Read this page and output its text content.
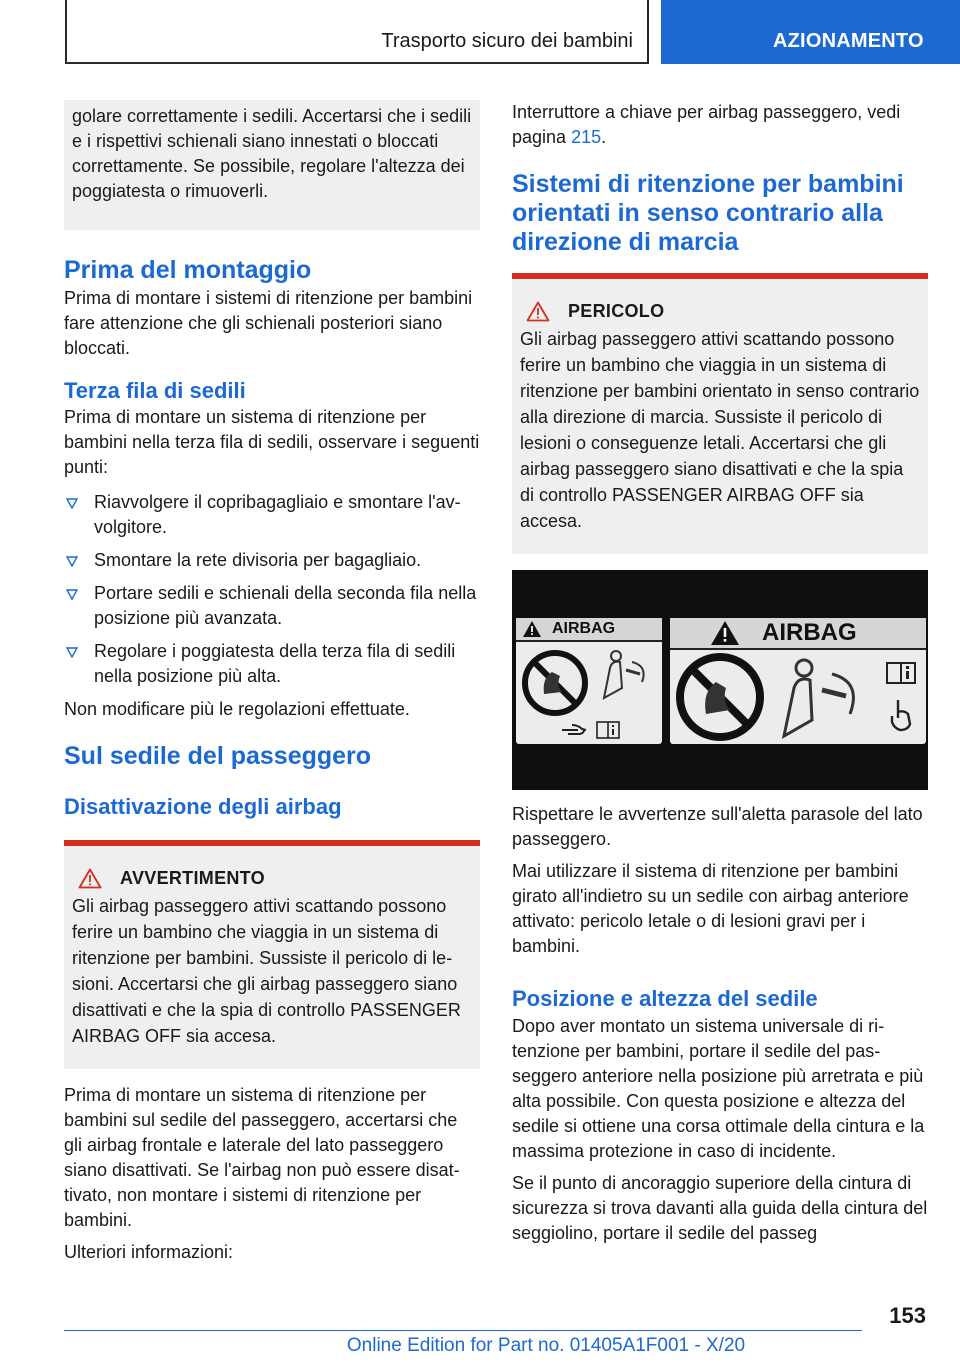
Trasporto sicuro dei bambini	AZIONAMENTO

golare correttamente i sedili. Accertarsi che i sedili e i rispettivi schienali siano innestati o bloccati correttamente. Se possibile, regolare l'altezza dei poggiatesta o rimuoverli.

Prima del montaggio

Prima di montare i sistemi di ritenzione per bambini fare attenzione che gli schienali posteriori siano bloccati.

Terza fila di sedili

Prima di montare un sistema di ritenzione per bambini nella terza fila di sedili, osservare i seguenti punti:

Riavvolgere il copribagagliaio e smontare l'avvolgitore.
Smontare la rete divisoria per bagagliaio.
Portare sedili e schienali della seconda fila nella posizione più avanzata.
Regolare i poggiatesta della terza fila di sedili nella posizione più alta.

Non modificare più le regolazioni effettuate.

Sul sedile del passeggero
Disattivazione degli airbag
AVVERTIMENTO

Gli airbag passeggero attivi scattando possono ferire un bambino che viaggia in un sistema di ritenzione per bambini. Sussiste il pericolo di lesioni. Accertarsi che gli airbag passeggero siano disattivati e che la spia di controllo PASSENGER AIRBAG OFF sia accesa.

Prima di montare un sistema di ritenzione per bambini sul sedile del passeggero, accertarsi che gli airbag frontale e laterale del lato passeggero siano disattivati. Se l'airbag non può essere disattivato, non montare i sistemi di ritenzione per bambini.

Ulteriori informazioni:

Interruttore a chiave per airbag passeggero, vedi pagina 215.

Sistemi di ritenzione per bambini orientati in senso contrario alla direzione di marcia
PERICOLO

Gli airbag passeggero attivi scattando possono ferire un bambino che viaggia in un sistema di ritenzione per bambini orientato in senso contrario alla direzione di marcia. Sussiste il pericolo di lesioni o conseguenze letali. Accertarsi che gli airbag passeggero siano disattivati e che la spia di controllo PASSENGER AIRBAG OFF sia accesa.

AIRBAG	AIRBAG

Rispettare le avvertenze sull'aletta parasole del lato passeggero.

Mai utilizzare il sistema di ritenzione per bambini girato all'indietro su un sedile con airbag anteriore attivato: pericolo letale o di lesioni gravi per i bambini.

Posizione e altezza del sedile

Dopo aver montato un sistema universale di ritenzione per bambini, portare il sedile del passeggero anteriore nella posizione più arretrata e più alta possibile. Con questa posizione e altezza del sedile si ottiene una corsa ottimale della cintura e la massima protezione in caso di incidente.

Se il punto di ancoraggio superiore della cintura di sicurezza si trova davanti alla guida della cintura del seggiolino, portare il sedile del passeg

153
Online Edition for Part no. 01405A1F001 - X/20
